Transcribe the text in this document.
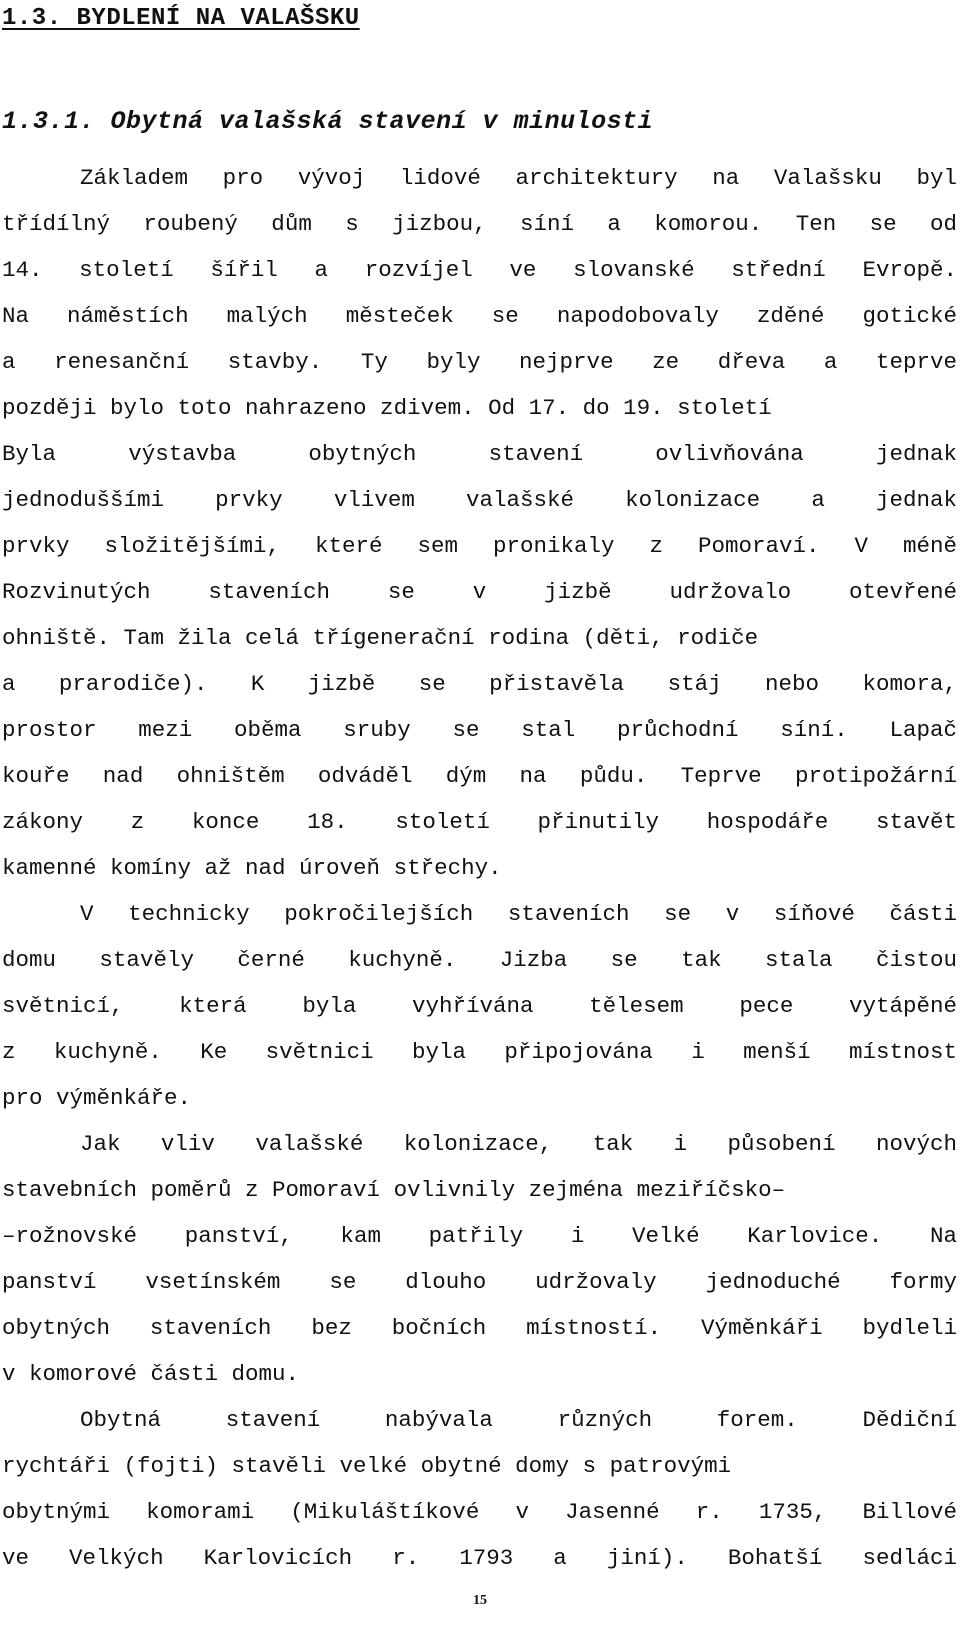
1.3. BYDLENÍ NA VALAŠSKU
1.3.1. Obytná valašská stavení v minulosti
Základem pro vývoj lidové architektury na Valašsku byl
třídílný roubený dům s jizbou, síní a komorou. Ten se od
14. století šířil a rozvíjel ve slovanské střední Evropě.
Na náměstích malých městeček se napodobovaly zděné gotické
a renesanční stavby. Ty byly nejprve ze dřeva a teprve
později bylo toto nahrazeno zdivem. Od 17. do 19. století
Byla výstavba obytných stavení ovlivňována jednak
jednoduššími prvky vlivem valašské kolonizace a jednak
prvky složitějšími, které sem pronikaly z Pomoraví. V méně
Rozvinutých staveních se v jizbě udržovalo otevřené
ohniště. Tam žila celá třígenerační rodina (děti, rodiče
a prarodiče). K jizbě se přistavěla stáj nebo komora,
prostor mezi oběma sruby se stal průchodní síní. Lapač
kouře nad ohništěm odváděl dým na půdu. Teprve protipožární
zákony z konce 18. století přinutily hospodáře stavět
kamenné komíny až nad úroveň střechy.
V technicky pokročilejších staveních se v síňové části
domu stavěly černé kuchyně. Jizba se tak stala čistou
světnicí, která byla vyhřívána tělesem pece vytápěné
z kuchyně. Ke světnici byla připojována i menší místnost
pro výměnkáře.
Jak vliv valašské kolonizace, tak i působení nových
stavebních poměrů z Pomoraví ovlivnily zejména meziříčsko–
–rožnovské panství, kam patřily i Velké Karlovice. Na
panství vsetínském se dlouho udržovaly jednoduché formy
obytných staveních bez bočních místností. Výměnkáři bydleli
v komorové části domu.
Obytná stavení nabývala různých forem. Dědiční
rychtáři (fojti) stavěli velké obytné domy s patrovými
obytnými komorami (Mikuláštíkové v Jasenné r. 1735, Billové
ve Velkých Karlovicích r. 1793 a jiní). Bohatší sedláci
15
